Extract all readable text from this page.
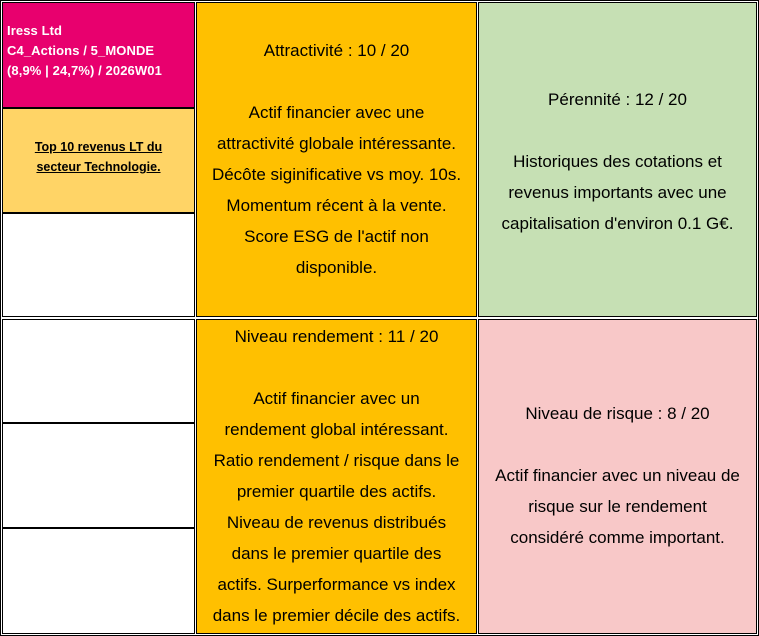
Iress Ltd
C4_Actions / 5_MONDE
(8,9% | 24,7%) / 2026W01
Top 10 revenus LT du
secteur Technologie.
Attractivité : 10 / 20
Actif financier avec une
attractivité globale intéressante.
Décôte siginificative vs moy. 10s.
Momentum récent à la vente.
Score ESG de l'actif non
disponible.
Pérennité : 12 / 20
Historiques des cotations et
revenus importants avec une
capitalisation d'environ 0.1 G€.
Niveau rendement : 11 / 20
Actif financier avec un
rendement global intéressant.
Ratio rendement / risque dans le
premier quartile des actifs.
Niveau de revenus distribués
dans le premier quartile des
actifs. Surperformance vs index
dans le premier décile des actifs.
Niveau de risque : 8 / 20
Actif financier avec un niveau de
risque sur le rendement
considéré comme important.
